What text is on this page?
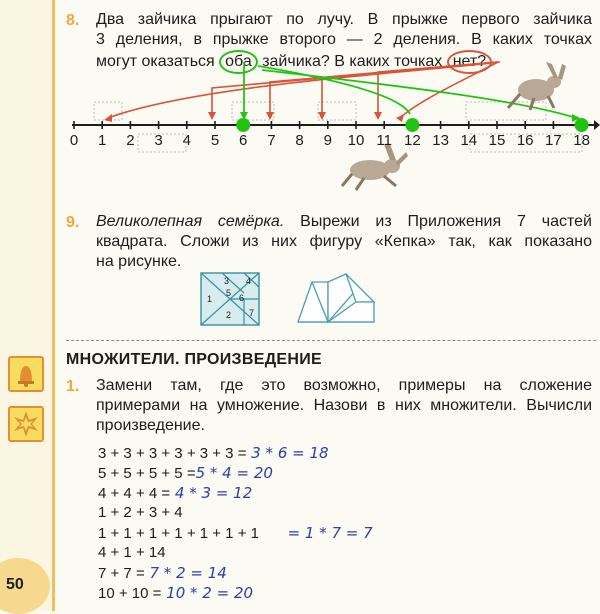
8. Два зайчика прыгают по лучу. В прыжке первого зайчика

3 деления, в прыжке второго — 2 деления. В каких точках

могут оказаться оба зайчика? В каких точках нет?

0	1	2	3	4	5	6	7	8	9	10 11 12 13 14 15 16 17 18
9. Великолепная семёрка. Вырежи из Приложения 7 частей

квадрата. Сложи из них фигуру «Кепка» так, как показано

на рисунке.

3 4
1
5 6
2 7
МНОЖИТЕЛИ. ПРОИЗВЕДЕНИЕ
1. Замени там, где это возможно, примеры на сложение

примерами на умножение. Назови в них множители. Вычисли

произведение.

3 + 3 + 3 + 3 + 3 + 3 = 3 * 6 = 18
5 + 5 + 5 + 5 =5 * 4 = 20
4 + 4 + 4 = 4 * 3 = 12
1 + 2 + 3 + 4
1 + 1 + 1 + 1 + 1 + 1 + 1      = 1 * 7 = 7
4 + 1 + 14
7 + 7 = 7 * 2 = 14
10 + 10 = 10 * 2 = 20
50
